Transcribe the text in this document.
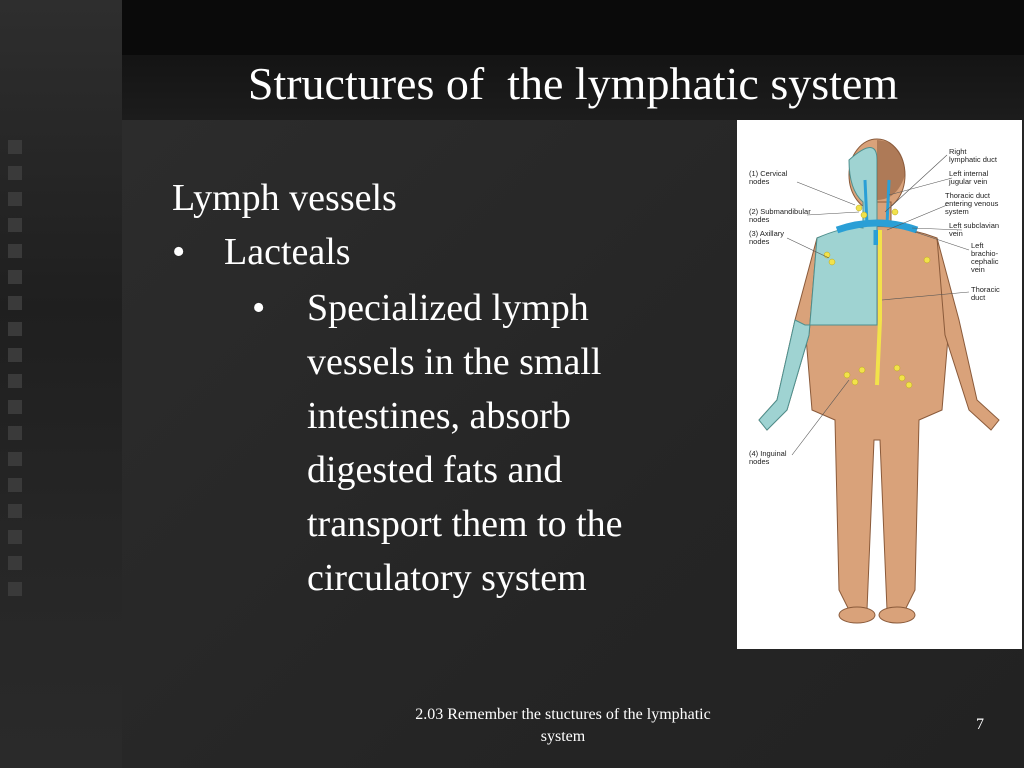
Structures of  the lymphatic system
Lymph vessels
• Lacteals
• Specialized lymph vessels in the small intestines, absorb digested fats and transport them to the circulatory system
(1) Cervical
nodes
(2) Submandibular
nodes
(3) Axillary
nodes
(4) Inguinal
nodes
Right
lymphatic duct
Left internal
jugular vein
Thoracic duct
entering venous
system
Left subclavian
vein
Left
brachio-
cephalic
vein
Thoracic
duct
2.03 Remember the stuctures of the lymphatic system
7
